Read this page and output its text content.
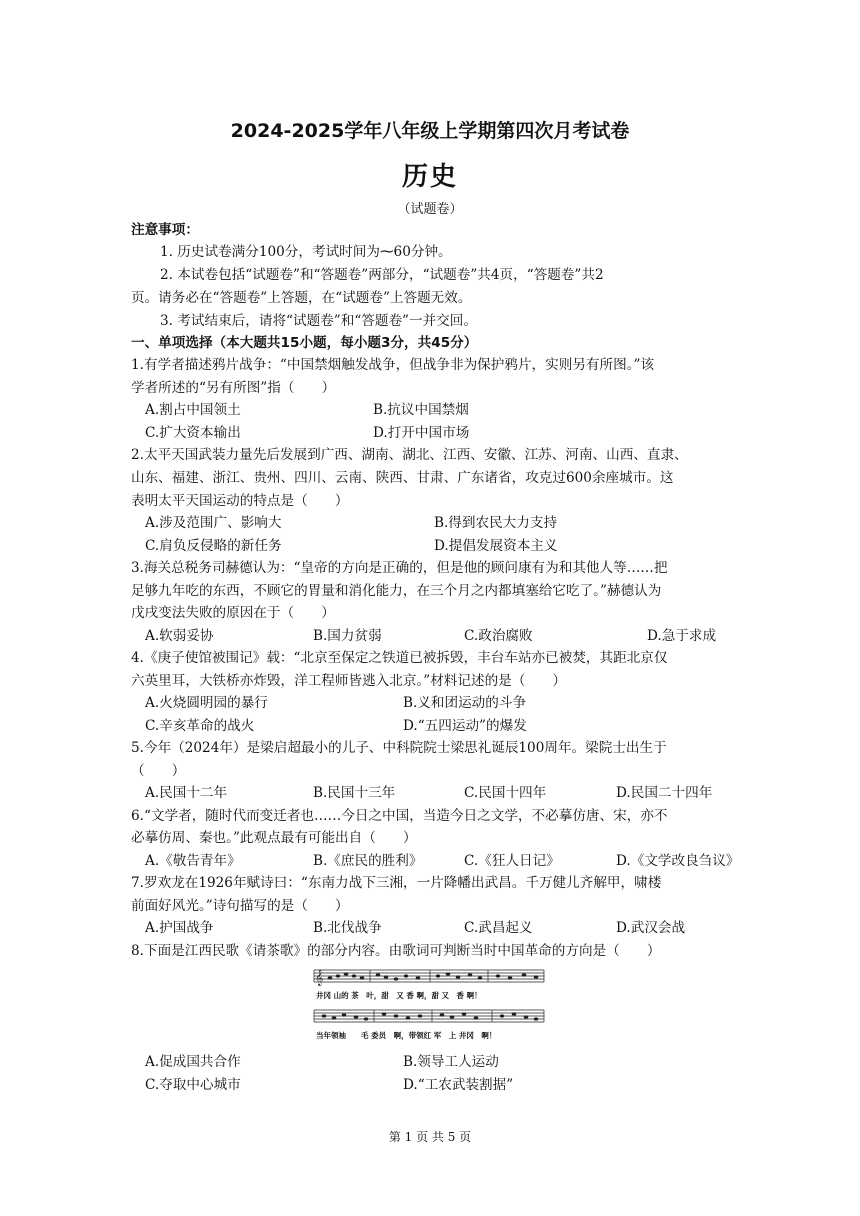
2024-2025学年八年级上学期第四次月考试卷
历史
（试题卷）
注意事项：
1. 历史试卷满分100分，考试时间为⁓60分钟。
2. 本试卷包括“试题卷”和“答题卷”两部分，“试题卷”共4页，“答题卷”共2
页。请务必在“答题卷”上答题，在“试题卷”上答题无效。
3. 考试结束后，请将“试题卷”和“答题卷”一并交回。
一、单项选择（本大题共15小题，每小题3分，共45分）
1.有学者描述鸦片战争：“中国禁烟触发战争，但战争非为保护鸦片，实则另有所图。”该
学者所述的“另有所图”指（　　）
A.割占中国领土	B.抗议中国禁烟
C.扩大资本输出	D.打开中国市场
2.太平天国武装力量先后发展到广西、湖南、湖北、江西、安徽、江苏、河南、山西、直隶、
山东、福建、浙江、贵州、四川、云南、陕西、甘肃、广东诸省，攻克过600余座城市。这
表明太平天国运动的特点是（　　）
A.涉及范围广、影响大	B.得到农民大力支持
C.肩负反侵略的新任务	D.提倡发展资本主义
3.海关总税务司赫德认为：“皇帝的方向是正确的，但是他的顾问康有为和其他人等……把
足够九年吃的东西，不顾它的胃量和消化能力，在三个月之内都填塞给它吃了。”赫德认为
戊戌变法失败的原因在于（　　）
A.软弱妥协	B.国力贫弱	C.政治腐败	D.急于求成
4.《庚子使馆被围记》载：“北京至保定之铁道已被拆毁，丰台车站亦已被焚，其距北京仅
六英里耳，大铁桥亦炸毁，洋工程师皆逃入北京。”材料记述的是（　　）
A.火烧圆明园的暴行	B.义和团运动的斗争
C.辛亥革命的战火	D.“五四运动”的爆发
5.今年（2024年）是梁启超最小的儿子、中科院院士梁思礼诞辰100周年。梁院士出生于
（　　）
A.民国十二年	B.民国十三年	C.民国十四年	D.民国二十四年
6.“文学者，随时代而变迁者也……今日之中国，当造今日之文学，不必摹仿唐、宋，亦不
必摹仿周、秦也。”此观点最有可能出自（　　）
A.《敬告青年》	B.《庶民的胜利》	C.《狂人日记》	D.《文学改良刍议》
7.罗欢龙在1926年赋诗曰：“东南力战下三湘，一片降幡出武昌。千万健儿齐解甲，啸楼
前面好风光。”诗句描写的是（　　）
A.护国战争	B.北伐战争	C.武昌起义	D.武汉会战
8.下面是江西民歌《请茶歌》的部分内容。由歌词可判断当时中国革命的方向是（　　）
𝄞
井冈 山的 茶　叶，甜　又 香 啊，甜 又　香 啊！
当年领袖　　毛 委员　啊，带领红 军　上 井冈　啊！
A.促成国共合作	B.领导工人运动
C.夺取中心城市	D.“工农武装割据”
第 1 页 共 5 页
